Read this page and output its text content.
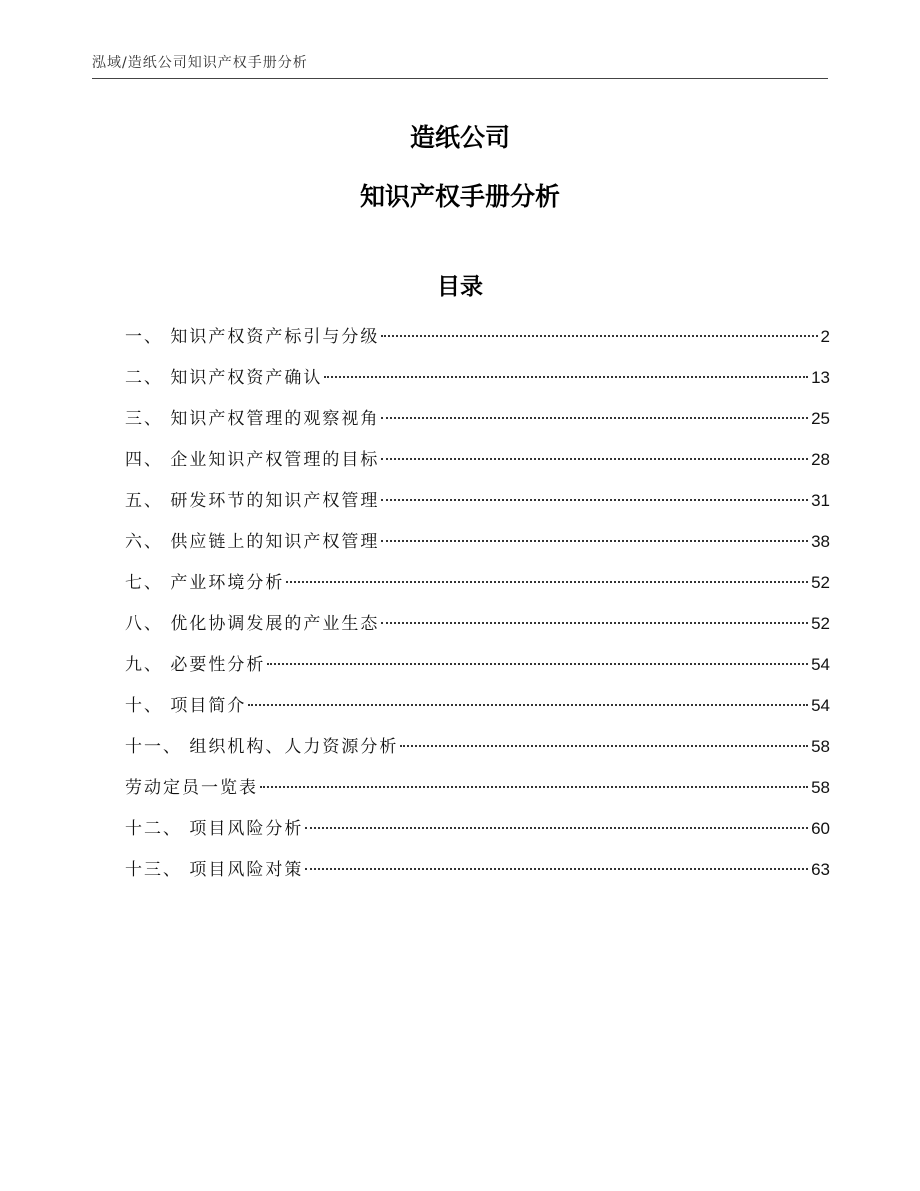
泓域/造纸公司知识产权手册分析
造纸公司
知识产权手册分析
目录
一、 知识产权资产标引与分级	2
二、 知识产权资产确认	13
三、 知识产权管理的观察视角	25
四、 企业知识产权管理的目标	28
五、 研发环节的知识产权管理	31
六、 供应链上的知识产权管理	38
七、 产业环境分析	52
八、 优化协调发展的产业生态	52
九、 必要性分析	54
十、 项目简介	54
十一、 组织机构、人力资源分析	58
劳动定员一览表	58
十二、 项目风险分析	60
十三、 项目风险对策	63
